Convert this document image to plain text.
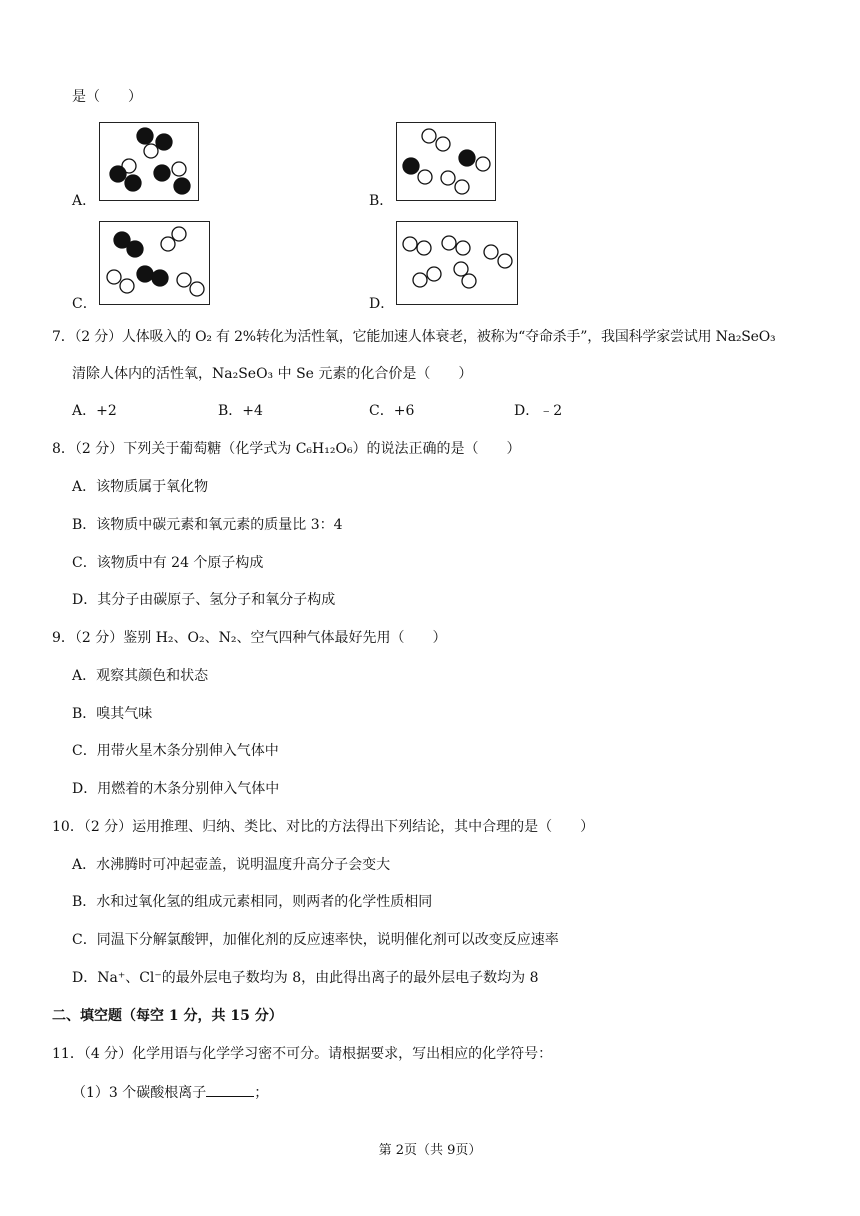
是（　　）
A．	B．
C．	D．
7．（2 分）人体吸入的 O₂ 有 2%转化为活性氧，它能加速人体衰老，被称为“夺命杀手”，我国科学家尝试用 Na₂SeO₃
清除人体内的活性氧，Na₂SeO₃ 中 Se 元素的化合价是（　　）
A．+2	B．+4	C．+6	D．﹣2
8．（2 分）下列关于葡萄糖（化学式为 C₆H₁₂O₆）的说法正确的是（　　）
A．该物质属于氧化物
B．该物质中碳元素和氧元素的质量比 3：4
C．该物质中有 24 个原子构成
D．其分子由碳原子、氢分子和氧分子构成
9．（2 分）鉴别 H₂、O₂、N₂、空气四种气体最好先用（　　）
A．观察其颜色和状态
B．嗅其气味
C．用带火星木条分别伸入气体中
D．用燃着的木条分别伸入气体中
10．（2 分）运用推理、归纳、类比、对比的方法得出下列结论，其中合理的是（　　）
A．水沸腾时可冲起壶盖，说明温度升高分子会变大
B．水和过氧化氢的组成元素相同，则两者的化学性质相同
C．同温下分解氯酸钾，加催化剂的反应速率快，说明催化剂可以改变反应速率
D．Na⁺、Cl⁻的最外层电子数均为 8，由此得出离子的最外层电子数均为 8
二、填空题（每空 1 分，共 15 分）
11．（4 分）化学用语与化学学习密不可分。请根据要求，写出相应的化学符号：
（1）3 个碳酸根离子	；
第 2页（共 9页）
